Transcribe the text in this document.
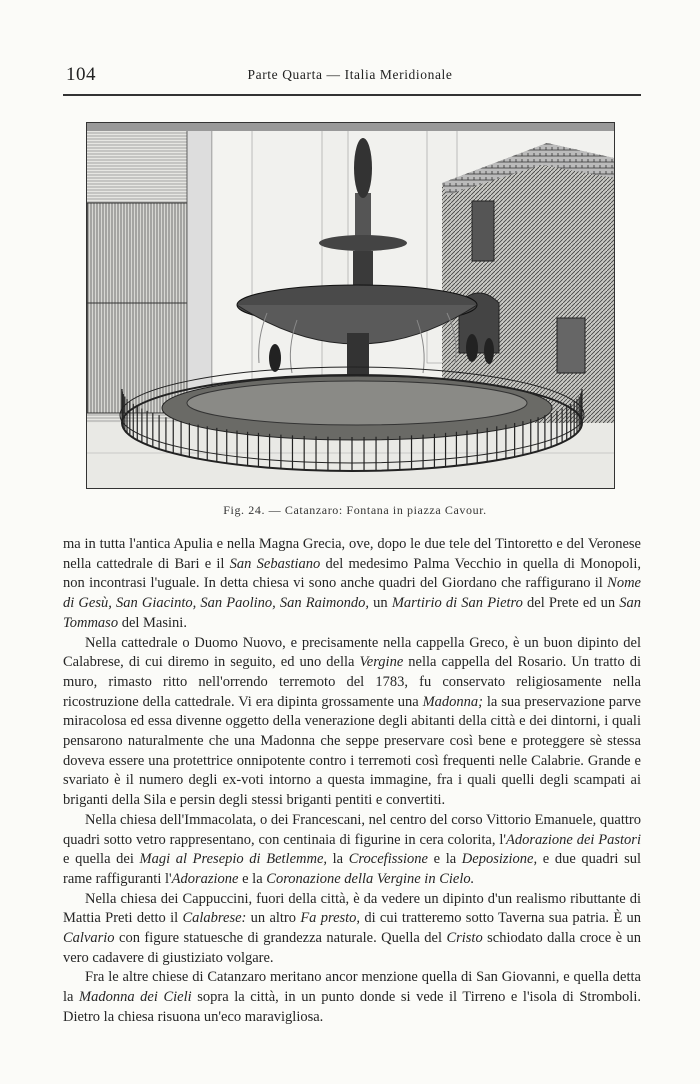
104	Parte Quarta — Italia Meridionale
Fig. 24. — Catanzaro: Fontana in piazza Cavour.

ma in tutta l'antica Apulia e nella Magna Grecia, ove, dopo le due tele del Tintoretto e del Veronese nella cattedrale di Bari e il San Sebastiano del medesimo Palma Vecchio in quella di Monopoli, non incontrasi l'uguale. In detta chiesa vi sono anche quadri del Giordano che raffigurano il Nome di Gesù, San Giacinto, San Paolino, San Raimondo, un Martirio di San Pietro del Prete ed un San Tommaso del Masini.

Nella cattedrale o Duomo Nuovo, e precisamente nella cappella Greco, è un buon dipinto del Calabrese, di cui diremo in seguito, ed uno della Vergine nella cappella del Rosario. Un tratto di muro, rimasto ritto nell'orrendo terremoto del 1783, fu conservato religiosamente nella ricostruzione della cattedrale. Vi era dipinta grossamente una Madonna; la sua preservazione parve miracolosa ed essa divenne oggetto della venerazione degli abitanti della città e dei dintorni, i quali pensarono naturalmente che una Madonna che seppe preservare così bene e proteggere sè stessa doveva essere una protettrice onnipotente contro i terremoti così frequenti nelle Calabrie. Grande e svariato è il numero degli ex-voti intorno a questa immagine, fra i quali quelli degli scampati ai briganti della Sila e persin degli stessi briganti pentiti e convertiti.

Nella chiesa dell'Immacolata, o dei Francescani, nel centro del corso Vittorio Emanuele, quattro quadri sotto vetro rappresentano, con centinaia di figurine in cera colorita, l'Adorazione dei Pastori e quella dei Magi al Presepio di Betlemme, la Crocefissione e la Deposizione, e due quadri sul rame raffiguranti l'Adorazione e la Coronazione della Vergine in Cielo.

Nella chiesa dei Cappuccini, fuori della città, è da vedere un dipinto d'un realismo ributtante di Mattia Preti detto il Calabrese: un altro Fa presto, di cui tratteremo sotto Taverna sua patria. È un Calvario con figure statuesche di grandezza naturale. Quella del Cristo schiodato dalla croce è un vero cadavere di giustiziato volgare.

Fra le altre chiese di Catanzaro meritano ancor menzione quella di San Giovanni, e quella detta la Madonna dei Cieli sopra la città, in un punto donde si vede il Tirreno e l'isola di Stromboli. Dietro la chiesa risuona un'eco maravigliosa.
